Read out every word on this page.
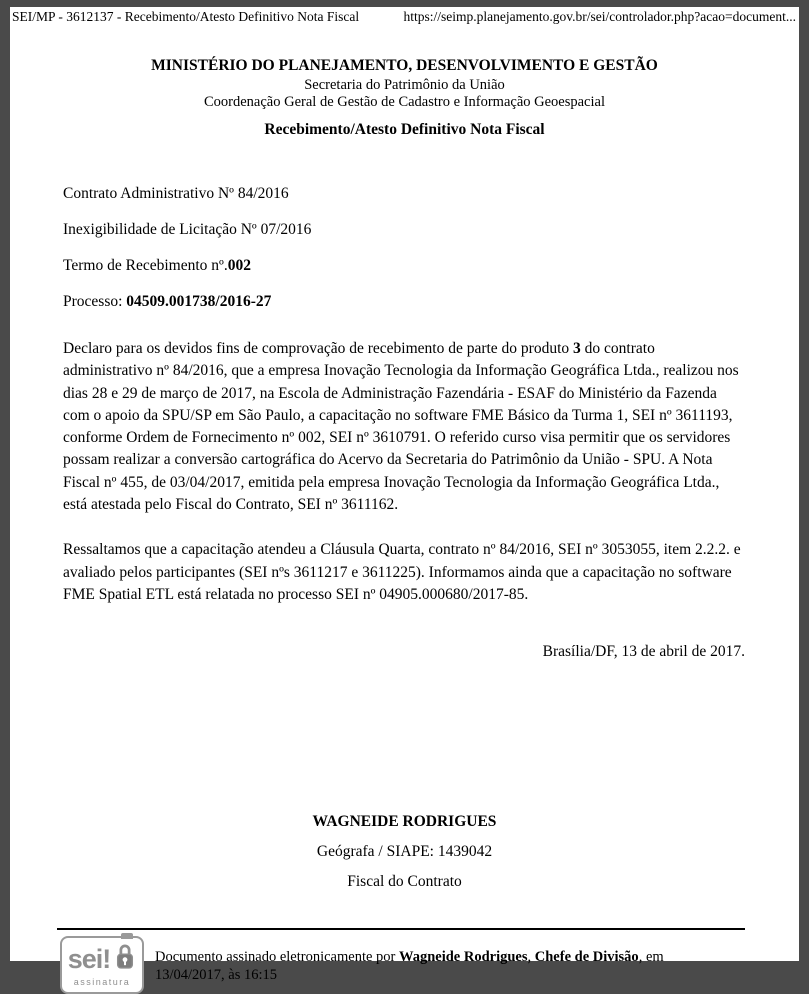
SEI/MP - 3612137 - Recebimento/Atesto Definitivo Nota Fiscal	https://seimp.planejamento.gov.br/sei/controlador.php?acao=document...

MINISTÉRIO DO PLANEJAMENTO, DESENVOLVIMENTO E GESTÃO

Secretaria do Patrimônio da União

Coordenação Geral de Gestão de Cadastro e Informação Geoespacial

Recebimento/Atesto Definitivo Nota Fiscal

Contrato Administrativo Nº 84/2016

Inexigibilidade de Licitação Nº 07/2016

Termo de Recebimento nº.002

Processo: 04509.001738/2016-27

Declaro para os devidos fins de comprovação de recebimento de parte do produto 3 do contrato administrativo nº 84/2016, que a empresa Inovação Tecnologia da Informação Geográfica Ltda., realizou nos dias 28 e 29 de março de 2017, na Escola de Administração Fazendária - ESAF do Ministério da Fazenda com o apoio da SPU/SP em São Paulo, a capacitação no software FME Básico da Turma 1, SEI nº 3611193, conforme Ordem de Fornecimento nº 002, SEI nº 3610791. O referido curso visa permitir que os servidores possam realizar a conversão cartográfica do Acervo da Secretaria do Patrimônio da União - SPU. A Nota Fiscal nº 455, de 03/04/2017, emitida pela empresa Inovação Tecnologia da Informação Geográfica Ltda., está atestada pelo Fiscal do Contrato, SEI nº 3611162.

Ressaltamos que a capacitação atendeu a Cláusula Quarta, contrato nº 84/2016, SEI nº 3053055, item 2.2.2. e avaliado pelos participantes (SEI nºs 3611217 e 3611225). Informamos ainda que a capacitação no software FME Spatial ETL está relatada no processo SEI nº 04905.000680/2017-85.

Brasília/DF, 13 de abril de 2017.

WAGNEIDE RODRIGUES

Geógrafa / SIAPE: 1439042

Fiscal do Contrato

sei!
assinatura

Documento assinado eletronicamente por Wagneide Rodrigues, Chefe de Divisão, em

13/04/2017, às 16:15
